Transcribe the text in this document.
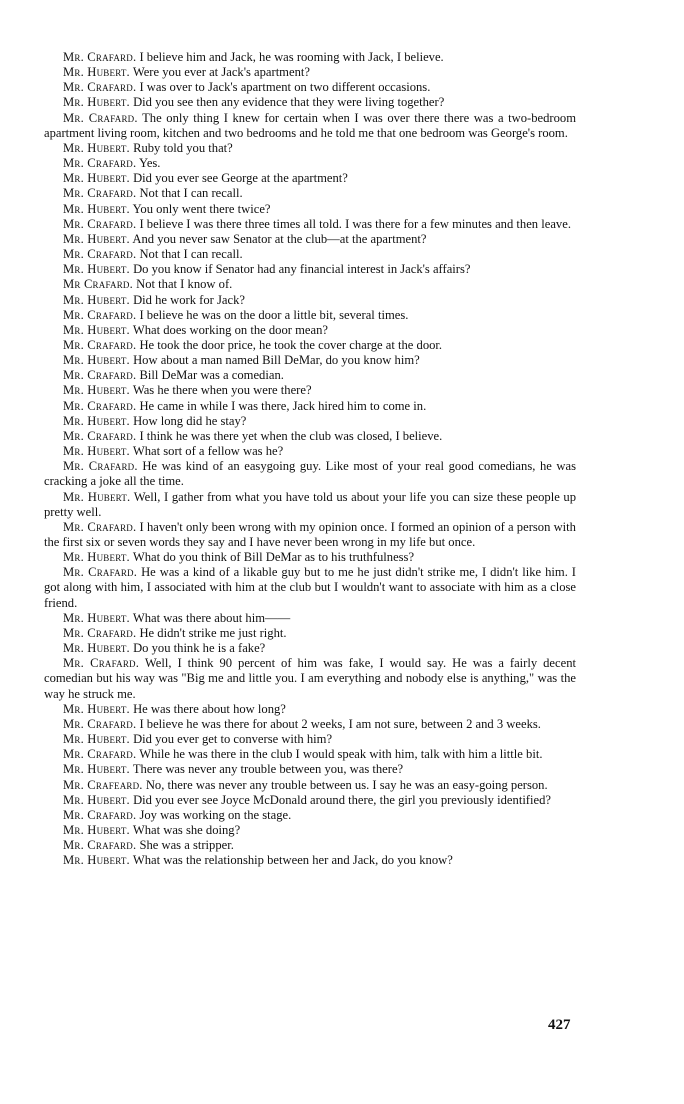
Mr. Crafard. I believe him and Jack, he was rooming with Jack, I believe.

Mr. Hubert. Were you ever at Jack's apartment?

Mr. Crafard. I was over to Jack's apartment on two different occasions.

Mr. Hubert. Did you see then any evidence that they were living together?

Mr. Crafard. The only thing I knew for certain when I was over there there was a two-bedroom apartment living room, kitchen and two bedrooms and he told me that one bedroom was George's room.

Mr. Hubert. Ruby told you that?

Mr. Crafard. Yes.

Mr. Hubert. Did you ever see George at the apartment?

Mr. Crafard. Not that I can recall.

Mr. Hubert. You only went there twice?

Mr. Crafard. I believe I was there three times all told. I was there for a few minutes and then leave.

Mr. Hubert. And you never saw Senator at the club—at the apartment?

Mr. Crafard. Not that I can recall.

Mr. Hubert. Do you know if Senator had any financial interest in Jack's affairs?

Mr Crafard. Not that I know of.

Mr. Hubert. Did he work for Jack?

Mr. Crafard. I believe he was on the door a little bit, several times.

Mr. Hubert. What does working on the door mean?

Mr. Crafard. He took the door price, he took the cover charge at the door.

Mr. Hubert. How about a man named Bill DeMar, do you know him?

Mr. Crafard. Bill DeMar was a comedian.

Mr. Hubert. Was he there when you were there?

Mr. Crafard. He came in while I was there, Jack hired him to come in.

Mr. Hubert. How long did he stay?

Mr. Crafard. I think he was there yet when the club was closed, I believe.

Mr. Hubert. What sort of a fellow was he?

Mr. Crafard. He was kind of an easygoing guy. Like most of your real good comedians, he was cracking a joke all the time.

Mr. Hubert. Well, I gather from what you have told us about your life you can size these people up pretty well.

Mr. Crafard. I haven't only been wrong with my opinion once. I formed an opinion of a person with the first six or seven words they say and I have never been wrong in my life but once.

Mr. Hubert. What do you think of Bill DeMar as to his truthfulness?

Mr. Crafard. He was a kind of a likable guy but to me he just didn't strike me, I didn't like him. I got along with him, I associated with him at the club but I wouldn't want to associate with him as a close friend.

Mr. Hubert. What was there about him——

Mr. Crafard. He didn't strike me just right.

Mr. Hubert. Do you think he is a fake?

Mr. Crafard. Well, I think 90 percent of him was fake, I would say. He was a fairly decent comedian but his way was "Big me and little you. I am everything and nobody else is anything," was the way he struck me.

Mr. Hubert. He was there about how long?

Mr. Crafard. I believe he was there for about 2 weeks, I am not sure, between 2 and 3 weeks.

Mr. Hubert. Did you ever get to converse with him?

Mr. Crafard. While he was there in the club I would speak with him, talk with him a little bit.

Mr. Hubert. There was never any trouble between you, was there?

Mr. Crafeard. No, there was never any trouble between us. I say he was an easy-going person.

Mr. Hubert. Did you ever see Joyce McDonald around there, the girl you previously identified?

Mr. Crafard. Joy was working on the stage.

Mr. Hubert. What was she doing?

Mr. Crafard. She was a stripper.

Mr. Hubert. What was the relationship between her and Jack, do you know?

427
